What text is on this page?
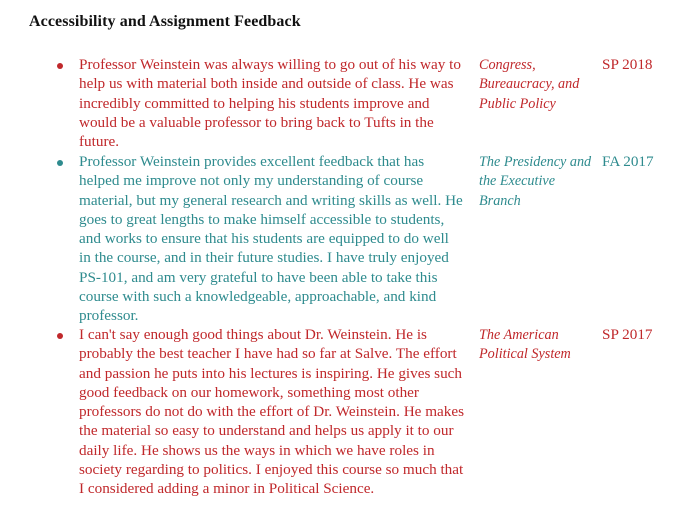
Accessibility and Assignment Feedback
Professor Weinstein was always willing to go out of his way to help us with material both inside and outside of class. He was incredibly committed to helping his students improve and would be a valuable professor to bring back to Tufts in the future.
Congress, Bureaucracy, and Public Policy
SP 2018
Professor Weinstein provides excellent feedback that has helped me improve not only my understanding of course material, but my general research and writing skills as well. He goes to great lengths to make himself accessible to students, and works to ensure that his students are equipped to do well in the course, and in their future studies. I have truly enjoyed PS-101, and am very grateful to have been able to take this course with such a knowledgeable, approachable, and kind professor.
The Presidency and the Executive Branch
FA 2017
I can't say enough good things about Dr. Weinstein. He is probably the best teacher I have had so far at Salve. The effort and passion he puts into his lectures is inspiring. He gives such good feedback on our homework, something most other professors do not do with the effort of Dr. Weinstein. He makes the material so easy to understand and helps us apply it to our daily life. He shows us the ways in which we have roles in society regarding to politics. I enjoyed this course so much that I considered adding a minor in Political Science.
The American Political System
SP 2017
